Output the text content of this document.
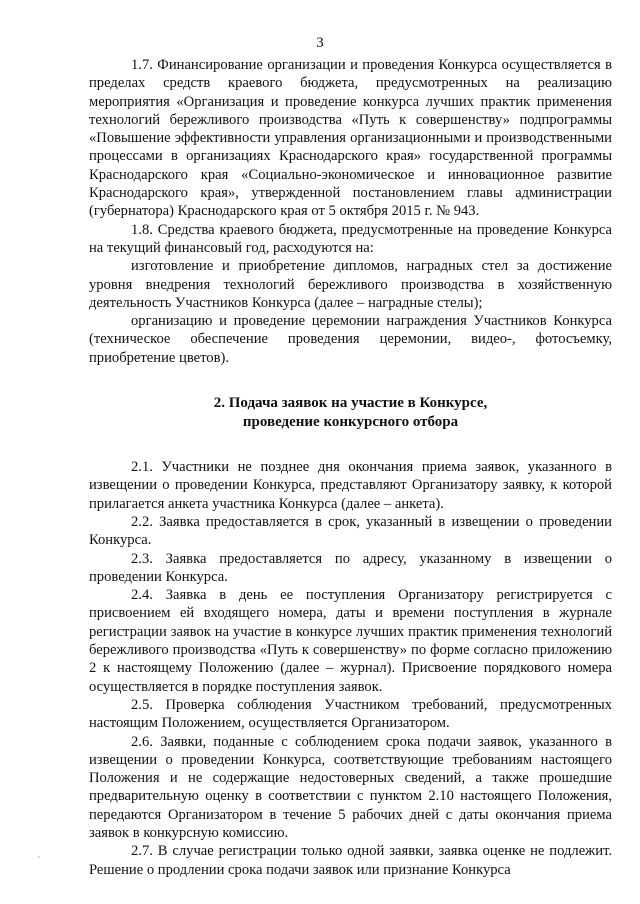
3

1.7. Финансирование организации и проведения Конкурса осуществляется в пределах средств краевого бюджета, предусмотренных на реализацию мероприятия «Организация и проведение конкурса лучших практик применения технологий бережливого производства «Путь к совершенству» подпрограммы «Повышение эффективности управления организационными и производственными процессами в организациях Краснодарского края» государственной программы Краснодарского края «Социально-экономическое и инновационное развитие Краснодарского края», утвержденной постановлением главы администрации (губернатора) Краснодарского края от 5 октября 2015 г. № 943.

1.8. Средства краевого бюджета, предусмотренные на проведение Конкурса на текущий финансовый год, расходуются на:

изготовление и приобретение дипломов, наградных стел за достижение уровня внедрения технологий бережливого производства в хозяйственную деятельность Участников Конкурса (далее – наградные стелы);

организацию и проведение церемонии награждения Участников Конкурса (техническое обеспечение проведения церемонии, видео-, фотосъемку, приобретение цветов).

2. Подача заявок на участие в Конкурсе,
проведение конкурсного отбора

2.1. Участники не позднее дня окончания приема заявок, указанного в извещении о проведении Конкурса, представляют Организатору заявку, к которой прилагается анкета участника Конкурса (далее – анкета).

2.2. Заявка предоставляется в срок, указанный в извещении о проведении Конкурса.

2.3. Заявка предоставляется по адресу, указанному в извещении о проведении Конкурса.

2.4. Заявка в день ее поступления Организатору регистрируется с присвоением ей входящего номера, даты и времени поступления в журнале регистрации заявок на участие в конкурсе лучших практик применения технологий бережливого производства «Путь к совершенству» по форме согласно приложению 2 к настоящему Положению (далее – журнал). Присвоение порядкового номера осуществляется в порядке поступления заявок.

2.5. Проверка соблюдения Участником требований, предусмотренных настоящим Положением, осуществляется Организатором.

2.6. Заявки, поданные с соблюдением срока подачи заявок, указанного в извещении о проведении Конкурса, соответствующие требованиям настоящего Положения и не содержащие недостоверных сведений, а также прошедшие предварительную оценку в соответствии с пунктом 2.10 настоящего Положения, передаются Организатором в течение 5 рабочих дней с даты окончания приема заявок в конкурсную комиссию.

2.7. В случае регистрации только одной заявки, заявка оценке не подлежит. Решение о продлении срока подачи заявок или признание Конкурса
